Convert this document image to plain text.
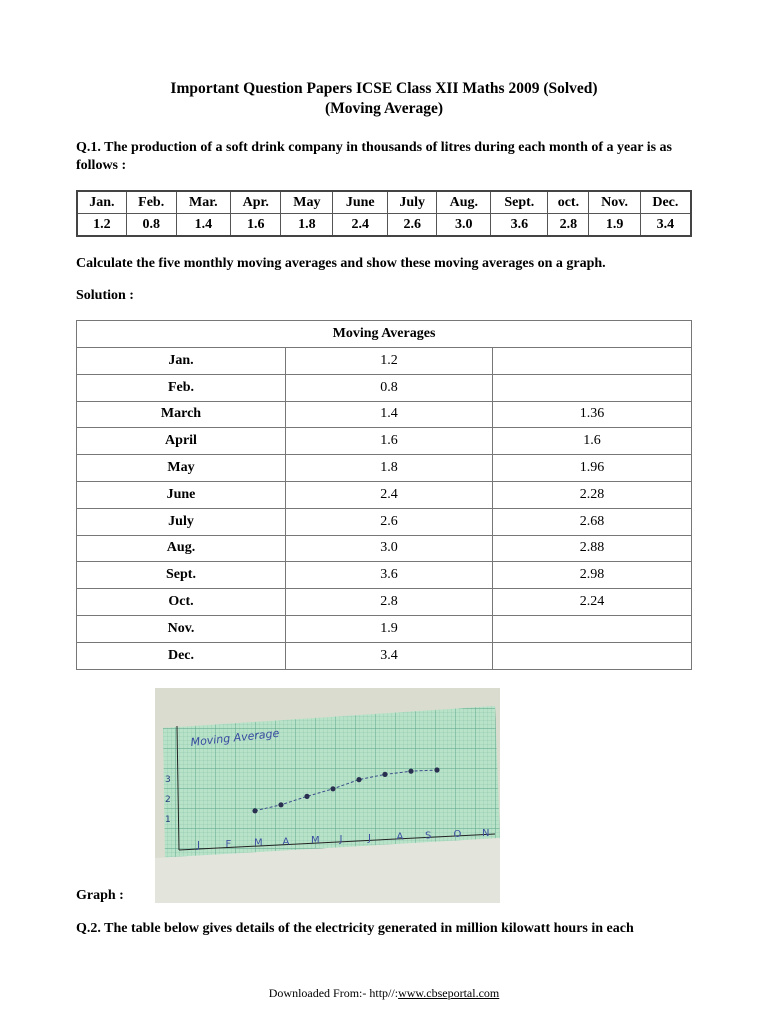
Important Question Papers ICSE Class XII Maths 2009 (Solved)
(Moving Average)
Q.1. The production of a soft drink company in thousands of litres during each month of a year is as follows :
Jan.	Feb.	Mar.	Apr.	May	June	July	Aug.	Sept.	oct.	Nov.	Dec.
1.2	0.8	1.4	1.6	1.8	2.4	2.6	3.0	3.6	2.8	1.9	3.4
Calculate the five monthly moving averages and show these moving averages on a graph.
Solution :
Moving Averages		
Jan.	1.2	
Feb.	0.8	
March	1.4	1.36
April	1.6	1.6
May	1.8	1.96
June	2.4	2.28
July	2.6	2.68
Aug.	3.0	2.88
Sept.	3.6	2.98
Oct.	2.8	2.24
Nov.	1.9	
Dec.	3.4	
Moving Average
1
2
3
J	F M A M J	J	A S O N
Graph :
Q.2. The table below gives details of the electricity generated in million kilowatt hours in each
Downloaded From:- http//:www.cbseportal.com
